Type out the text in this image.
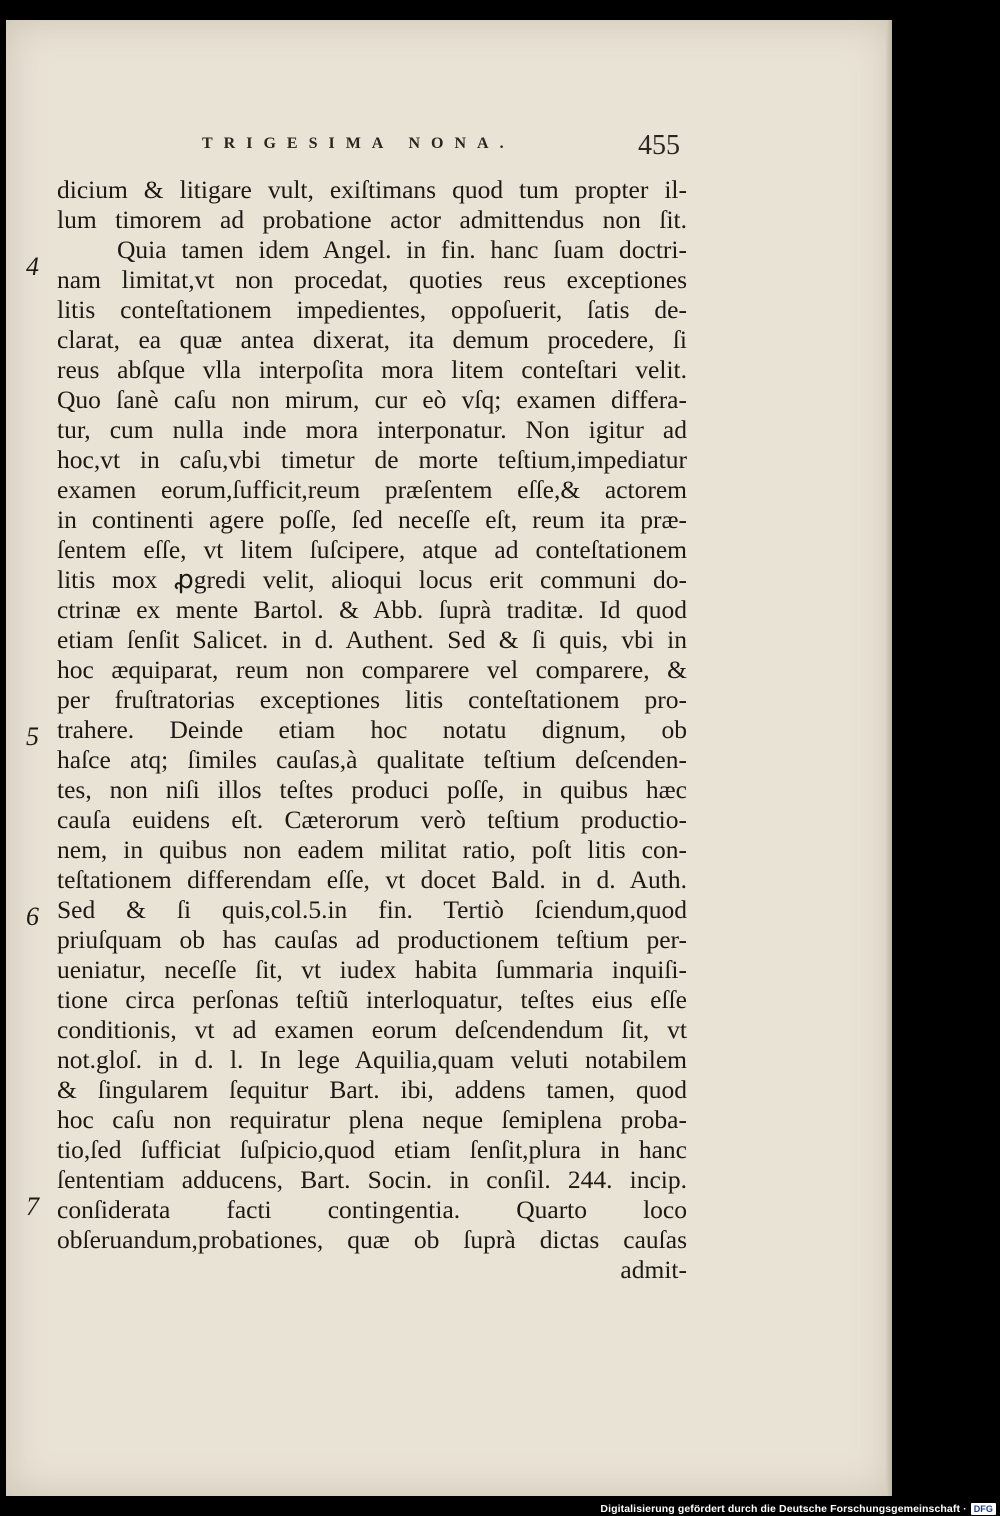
TRIGESIMA NONA.	455
dicium & litigare vult, exiſtimans quod tum propter il-
lum timorem ad probatione actor admittendus non ſit.
Quia tamen idem Angel. in fin. hanc ſuam doctri-
nam limitat,vt non procedat, quoties reus exceptiones
litis conteſtationem impedientes, oppoſuerit, ſatis de-
clarat, ea quæ antea dixerat, ita demum procedere, ſi
reus abſque vlla interpoſita mora litem conteſtari velit.
Quo ſanè caſu non mirum, cur eò vſq; examen differa-
tur, cum nulla inde mora interponatur. Non igitur ad
hoc,vt in caſu,vbi timetur de morte teſtium,impediatur
examen eorum,ſufficit,reum præſentem eſſe,& actorem
in continenti agere poſſe, ſed neceſſe eſt, reum ita præ-
ſentem eſſe, vt litem ſuſcipere, atque ad conteſtationem
litis mox ꝓgredi velit, alioqui locus erit communi do-
ctrinæ ex mente Bartol. & Abb. ſuprà traditæ. Id quod
etiam ſenſit Salicet. in d. Authent. Sed & ſi quis, vbi in
hoc æquiparat, reum non comparere vel comparere, &
per fruſtratorias exceptiones litis conteſtationem pro-
trahere. Deinde etiam hoc notatu dignum, ob
haſce atq; ſimiles cauſas,à qualitate teſtium deſcenden-
tes, non niſi illos teſtes produci poſſe, in quibus hæc
cauſa euidens eſt. Cæterorum verò teſtium productio-
nem, in quibus non eadem militat ratio, poſt litis con-
teſtationem differendam eſſe, vt docet Bald. in d. Auth.
Sed & ſi quis,col.5.in fin. Tertiò ſciendum,quod
priuſquam ob has cauſas ad productionem teſtium per-
ueniatur, neceſſe ſit, vt iudex habita ſummaria inquiſi-
tione circa perſonas teſtiũ interloquatur, teſtes eius eſſe
conditionis, vt ad examen eorum deſcendendum ſit, vt
not.gloſ. in d. l. In lege Aquilia,quam veluti notabilem
& ſingularem ſequitur Bart. ibi, addens tamen, quod
hoc caſu non requiratur plena neque ſemiplena proba-
tio,ſed ſufficiat ſuſpicio,quod etiam ſenſit,plura in hanc
ſententiam adducens, Bart. Socin. in conſil. 244. incip.
conſiderata facti contingentia. Quarto loco
obſeruandum,probationes, quæ ob ſuprà dictas cauſas
admit-
4
5
6
7
Digitalisierung gefördert durch die Deutsche Forschungsgemeinschaft · DFG
